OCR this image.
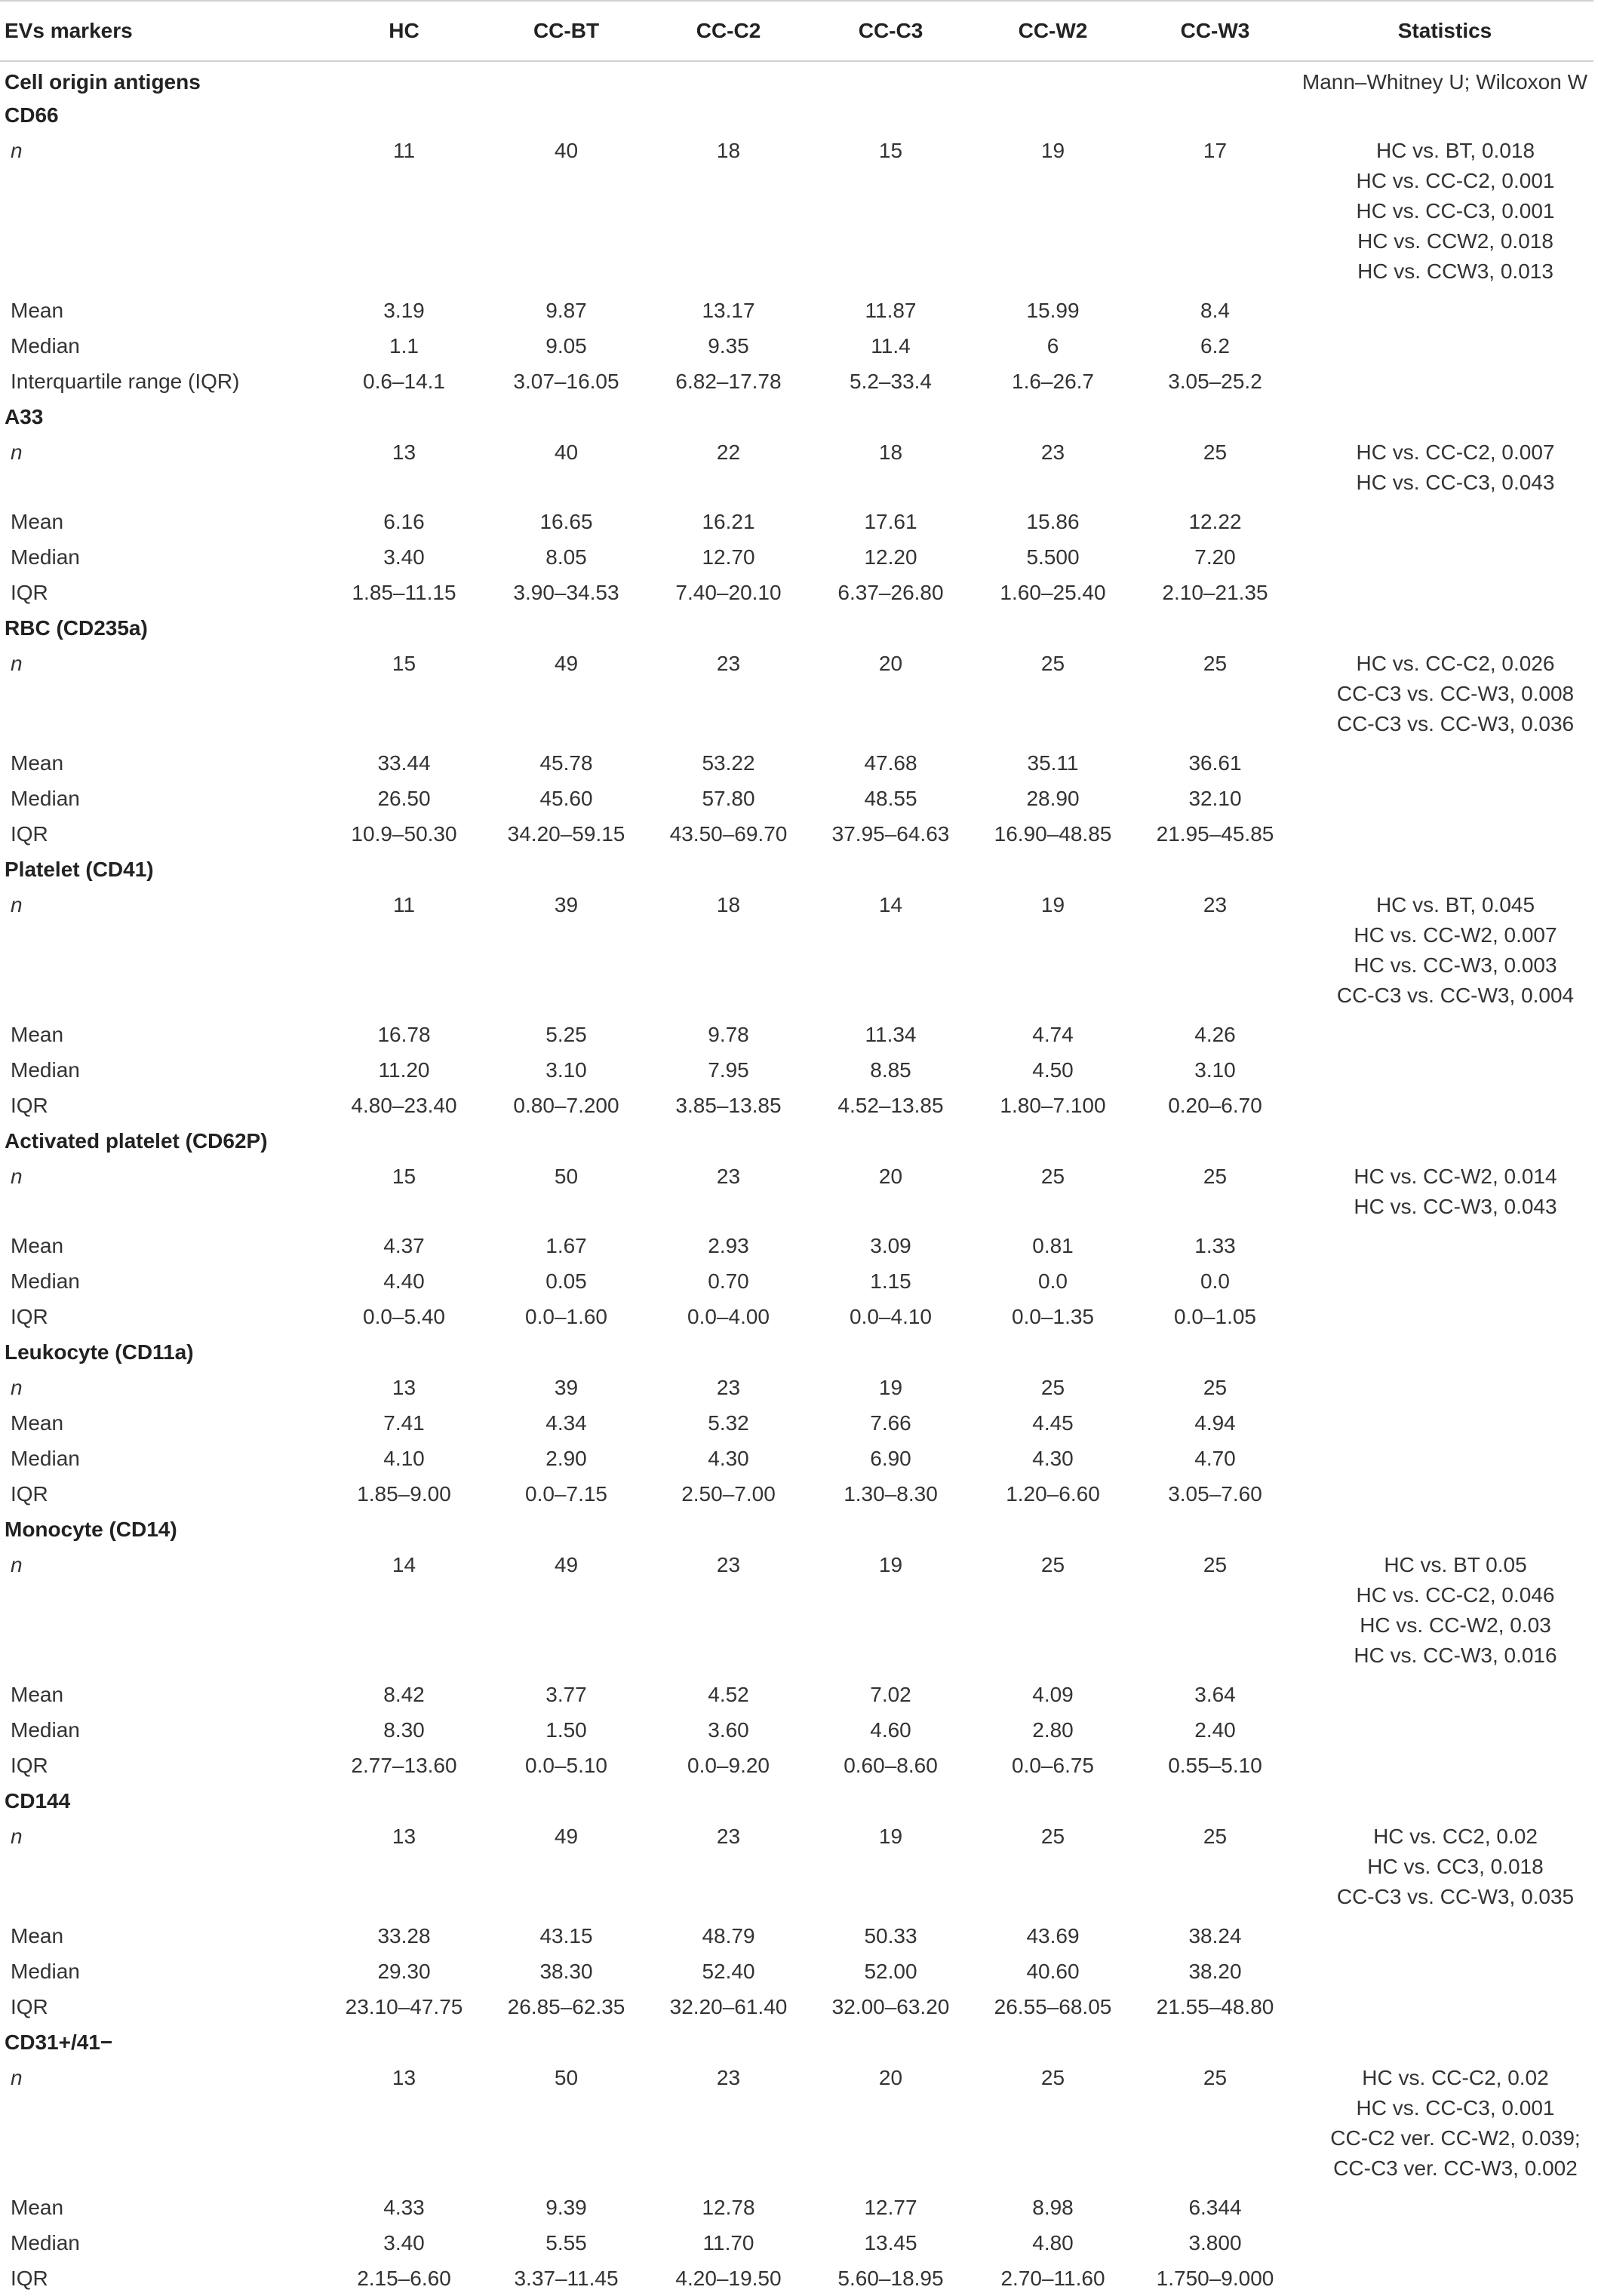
EVs markers	HC	CC-BT	CC-C2	CC-C3	CC-W2	CC-W3	Statistics
Cell origin antigens							Mann–Whitney U; Wilcoxon W
CD66							
n	11	40	18	15	19	17	HC vs. BT, 0.018
HC vs. CC-C2, 0.001
HC vs. CC-C3, 0.001
HC vs. CCW2, 0.018
HC vs. CCW3, 0.013

Mean	3.19	9.87	13.17	11.87	15.99	8.4	
Median	1.1	9.05	9.35	11.4	6	6.2	
Interquartile range (IQR)	0.6–14.1	3.07–16.05	6.82–17.78	5.2–33.4	1.6–26.7	3.05–25.2	
A33							
n	13	40	22	18	23	25	HC vs. CC-C2, 0.007
HC vs. CC-C3, 0.043

Mean	6.16	16.65	16.21	17.61	15.86	12.22	
Median	3.40	8.05	12.70	12.20	5.500	7.20	
IQR	1.85–11.15	3.90–34.53	7.40–20.10	6.37–26.80	1.60–25.40	2.10–21.35	
RBC (CD235a)							
n	15	49	23	20	25	25	HC vs. CC-C2, 0.026
CC-C3 vs. CC-W3, 0.008
CC-C3 vs. CC-W3, 0.036

Mean	33.44	45.78	53.22	47.68	35.11	36.61	
Median	26.50	45.60	57.80	48.55	28.90	32.10	
IQR	10.9–50.30	34.20–59.15	43.50–69.70	37.95–64.63	16.90–48.85	21.95–45.85	
Platelet (CD41)							
n	11	39	18	14	19	23	HC vs. BT, 0.045
HC vs. CC-W2, 0.007
HC vs. CC-W3, 0.003
CC-C3 vs. CC-W3, 0.004

Mean	16.78	5.25	9.78	11.34	4.74	4.26	
Median	11.20	3.10	7.95	8.85	4.50	3.10	
IQR	4.80–23.40	0.80–7.200	3.85–13.85	4.52–13.85	1.80–7.100	0.20–6.70	
Activated platelet (CD62P)							
n	15	50	23	20	25	25	HC vs. CC-W2, 0.014
HC vs. CC-W3, 0.043

Mean	4.37	1.67	2.93	3.09	0.81	1.33	
Median	4.40	0.05	0.70	1.15	0.0	0.0	
IQR	0.0–5.40	0.0–1.60	0.0–4.00	0.0–4.10	0.0–1.35	0.0–1.05	
Leukocyte (CD11a)							
n	13	39	23	19	25	25	
Mean	7.41	4.34	5.32	7.66	4.45	4.94	
Median	4.10	2.90	4.30	6.90	4.30	4.70	
IQR	1.85–9.00	0.0–7.15	2.50–7.00	1.30–8.30	1.20–6.60	3.05–7.60	
Monocyte (CD14)							
n	14	49	23	19	25	25	HC vs. BT 0.05
HC vs. CC-C2, 0.046
HC vs. CC-W2, 0.03
HC vs. CC-W3, 0.016

Mean	8.42	3.77	4.52	7.02	4.09	3.64	
Median	8.30	1.50	3.60	4.60	2.80	2.40	
IQR	2.77–13.60	0.0–5.10	0.0–9.20	0.60–8.60	0.0–6.75	0.55–5.10	
CD144							
n	13	49	23	19	25	25	HC vs. CC2, 0.02
HC vs. CC3, 0.018
CC-C3 vs. CC-W3, 0.035

Mean	33.28	43.15	48.79	50.33	43.69	38.24	
Median	29.30	38.30	52.40	52.00	40.60	38.20	
IQR	23.10–47.75	26.85–62.35	32.20–61.40	32.00–63.20	26.55–68.05	21.55–48.80	
CD31+/41−							
n	13	50	23	20	25	25	HC vs. CC-C2, 0.02
HC vs. CC-C3, 0.001
CC-C2 ver. CC-W2, 0.039;
CC-C3 ver. CC-W3, 0.002

Mean	4.33	9.39	12.78	12.77	8.98	6.344	
Median	3.40	5.55	11.70	13.45	4.80	3.800	
IQR	2.15–6.60	3.37–11.45	4.20–19.50	5.60–18.95	2.70–11.60	1.750–9.000	
